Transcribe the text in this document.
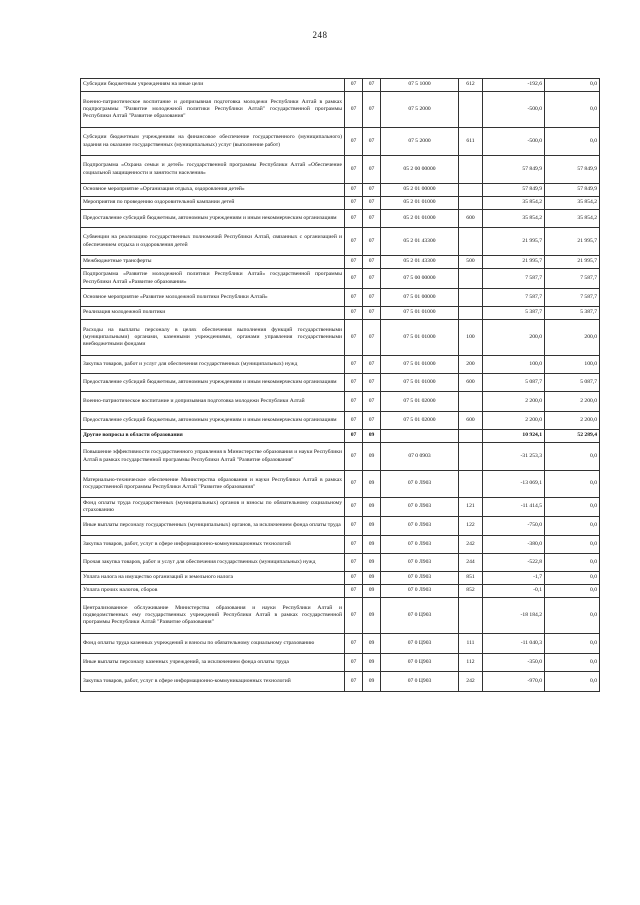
248
Субсидии бюджетным учреждениям на иные цели	07	07	07 5 1000	612	-192,6	0,0
Военно-патриотическое воспитание и допризывная подготовка молодежи Республики Алтай в рамках подпрограммы "Развитие молодежной политики Республики Алтай" государственной программы Республики Алтай "Развитие образования"	07	07	07 5 2000		-500,0	0,0
Субсидии бюджетным учреждениям на финансовое обеспечение государственного (муниципального) задания на оказание государственных (муниципальных) услуг (выполнение работ)	07	07	07 5 2000	611	-500,0	0,0
Подпрограмма «Охрана семьи и детей» государственной программы Республики Алтай «Обеспечение социальной защищенности и занятости населения»	07	07	05 2 00 00000		57 849,9	57 849,9
Основное мероприятие «Организация отдыха, оздоровления детей»	07	07	05 2 01 00000		57 849,9	57 849,9
Мероприятия по проведению оздоровительной кампании детей	07	07	05 2 01 01000		35 854,2	35 854,2
Предоставление субсидий бюджетным, автономным учреждениям и иным некоммерческим организациям	07	07	05 2 01 01000	600	35 854,2	35 854,2
Субвенции на реализацию государственных полномочий Республики Алтай, связанных с организацией и обеспечением отдыха и оздоровления детей	07	07	05 2 01 43300		21 995,7	21 995,7
Межбюджетные трансферты	07	07	05 2 01 43300	500	21 995,7	21 995,7
Подпрограмма «Развитие молодежной политики Республики Алтай» государственной программы Республики Алтай «Развитие образования»	07	07	07 5 00 00000		7 587,7	7 587,7
Основное мероприятие «Развитие молодежной политики Республики Алтай»	07	07	07 5 01 00000		7 587,7	7 587,7
Реализация молодежной политики	07	07	07 5 01 01000		5 387,7	5 387,7
Расходы на выплаты персоналу в целях обеспечения выполнения функций государственными (муниципальными) органами, казенными учреждениями, органами управления государственными внебюджетными фондами	07	07	07 5 01 01000	100	200,0	200,0
Закупка товаров, работ и услуг для обеспечения государственных (муниципальных) нужд	07	07	07 5 01 01000	200	100,0	100,0
Предоставление субсидий бюджетным, автономным учреждениям и иным некоммерческим организациям	07	07	07 5 01 01000	600	5 087,7	5 087,7
Военно-патриотическое воспитание и допризывная подготовка молодежи Республики Алтай	07	07	07 5 01 02000		2 200,0	2 200,0
Предоставление субсидий бюджетным, автономным учреждениям и иным некоммерческим организациям	07	07	07 5 01 02000	600	2 200,0	2 200,0
Другие вопросы в области образования	07	09			10 924,1	52 289,4
Повышение эффективности государственного управления в Министерстве образования и науки Республики Алтай в рамках государственной программы Республики Алтай "Развитие образования"	07	09	07 0 0903		-31 253,3	0,0
Материально-техническое обеспечение Министерства образования и науки Республики Алтай в рамках государственной программы Республики Алтай "Развитие образования"	07	09	07 0 Л903		-13 069,1	0,0
Фонд оплаты труда государственных (муниципальных) органов и взносы по обязательному социальному страхованию	07	09	07 0 Л903	121	-11 414,5	0,0
Иные выплаты персоналу государственных (муниципальных) органов, за исключением фонда оплаты труда	07	09	07 0 Л903	122	-750,0	0,0
Закупка товаров, работ, услуг в сфере информационно-коммуникационных технологий	07	09	07 0 Л903	242	-380,0	0,0
Прочая закупка товаров, работ и услуг для обеспечения государственных (муниципальных) нужд	07	09	07 0 Л903	244	-522,8	0,0
Уплата налога на имущество организаций и земельного налога	07	09	07 0 Л903	851	-1,7	0,0
Уплата прочих налогов, сборов	07	09	07 0 Л903	852	-0,1	0,0
Централизованное обслуживание Министерства образования и науки Республики Алтай и подведомственных ему государственных учреждений Республики Алтай в рамках государственной программы Республики Алтай "Развитие образования"	07	09	07 0 Ц903		-18 184,2	0,0
Фонд оплаты труда казенных учреждений и взносы по обязательному социальному страхованию	07	09	07 0 Ц903	111	-11 040,3	0,0
Иные выплаты персоналу казенных учреждений, за исключением фонда оплаты труда	07	09	07 0 Ц903	112	-350,0	0,0
Закупка товаров, работ, услуг в сфере информационно-коммуникационных технологий	07	09	07 0 Ц903	242	-970,0	0,0
